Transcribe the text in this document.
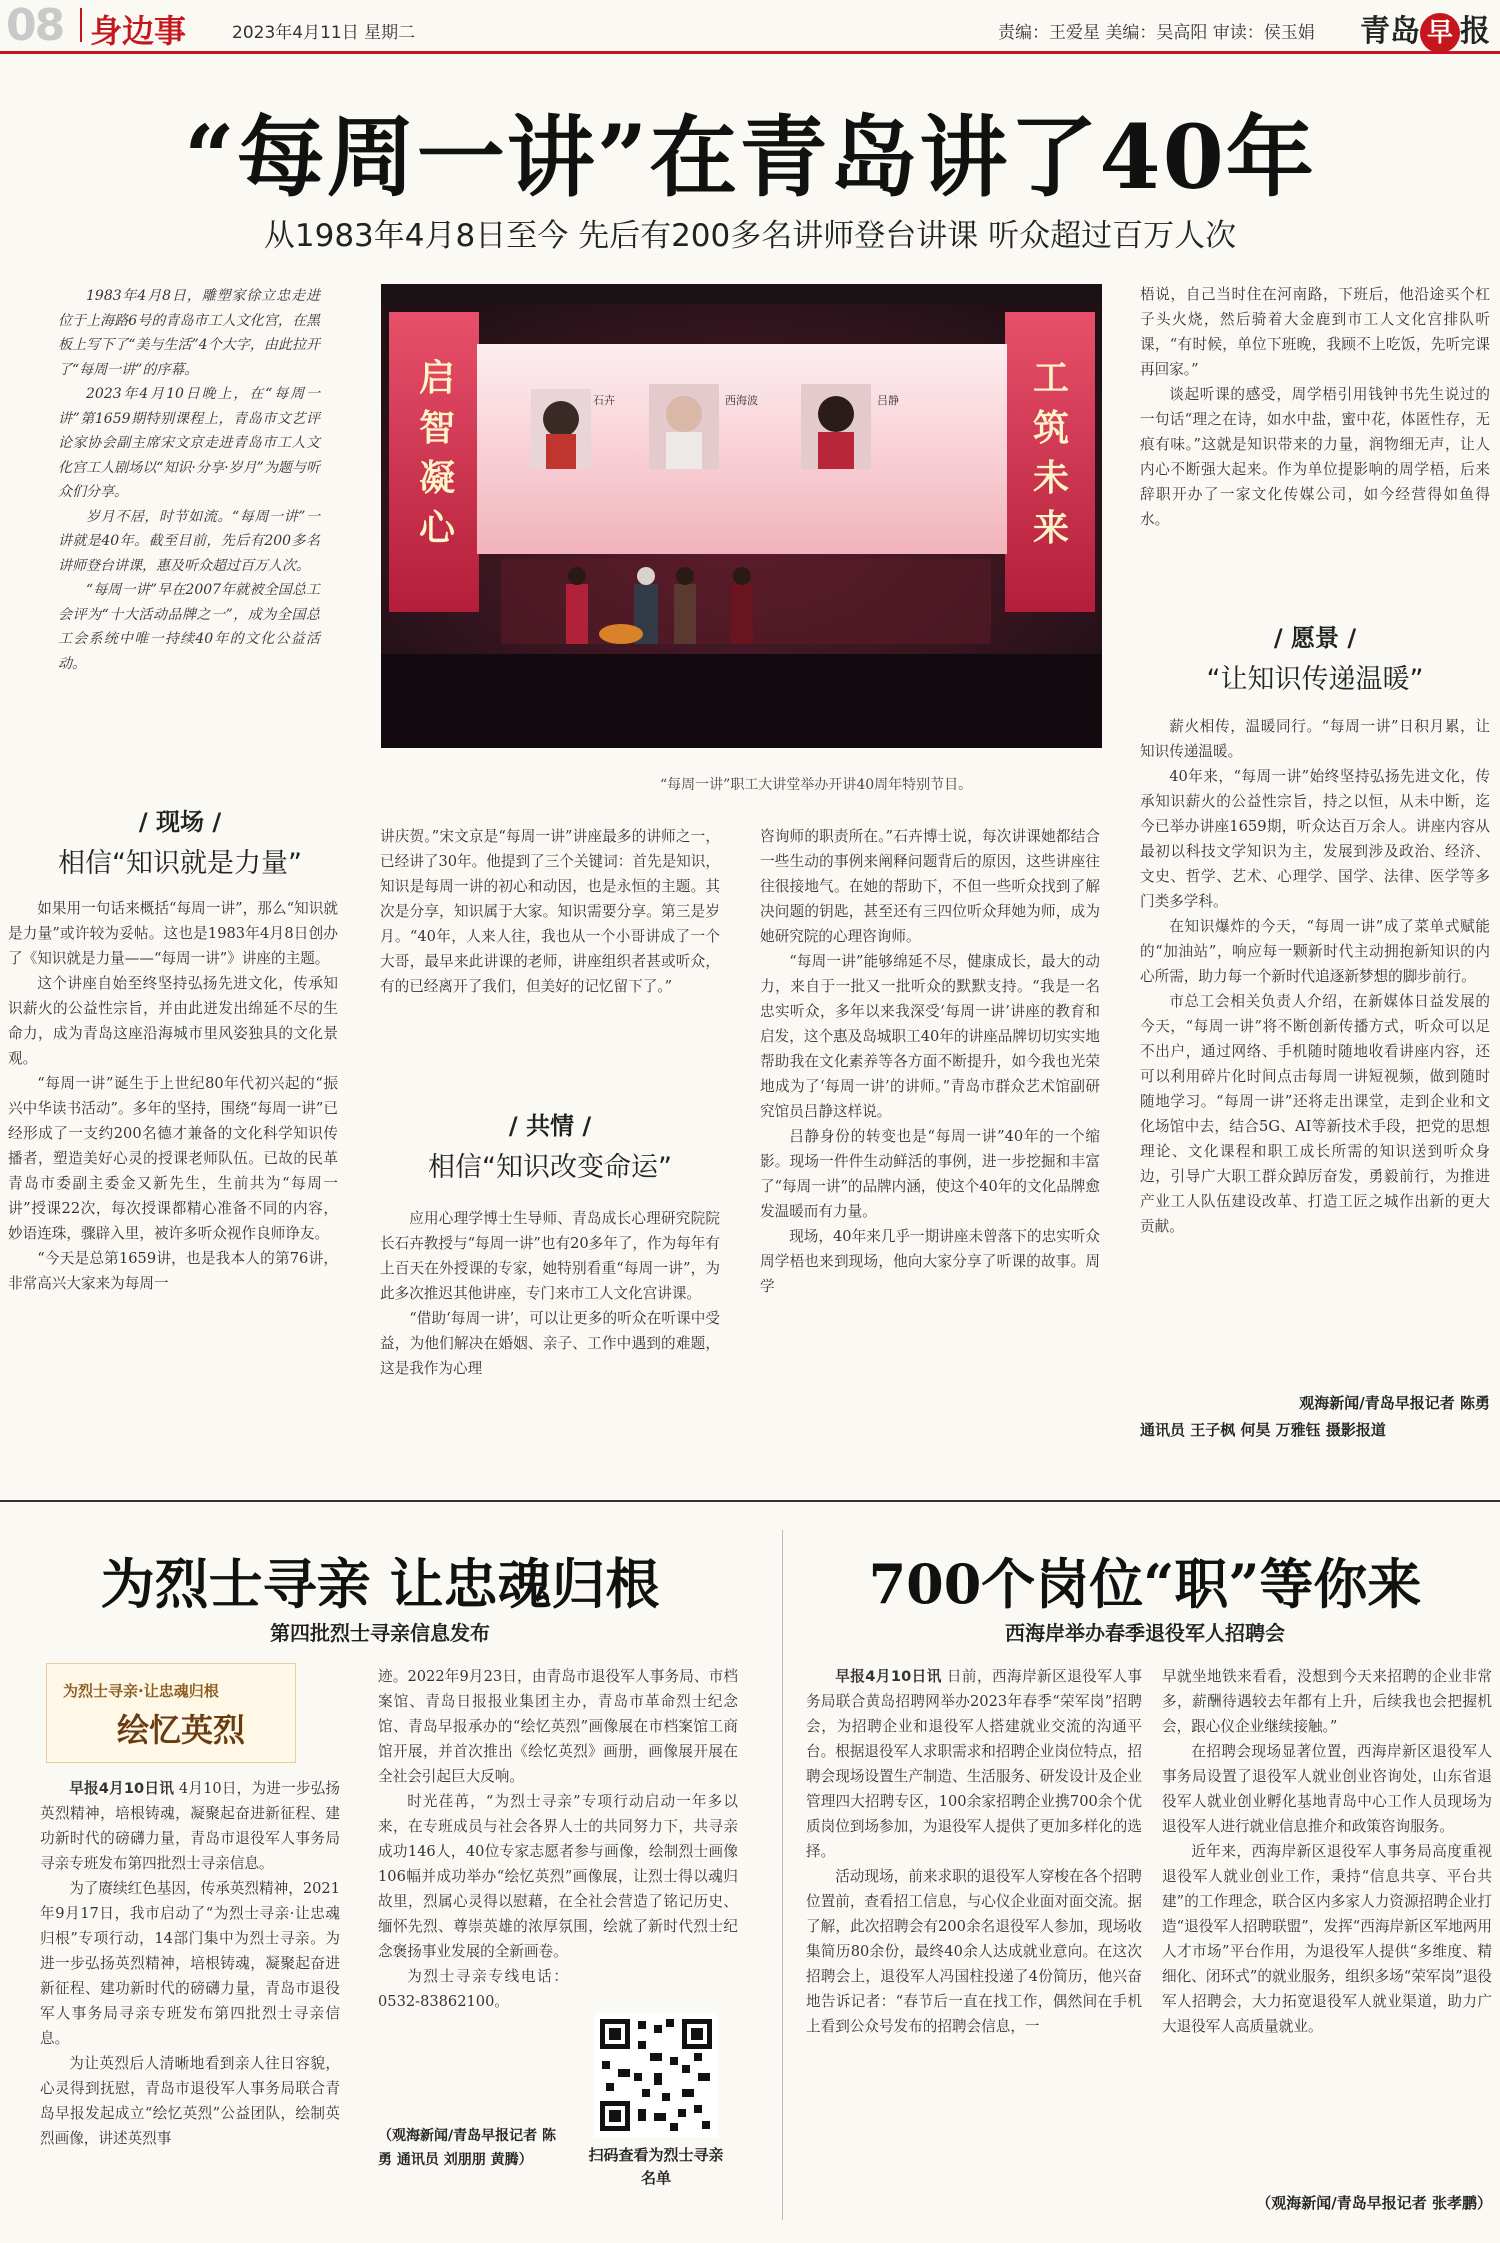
08 身边事	2023年4月11日 星期二	责编：王爱星 美编：吴高阳 审读：侯玉娟 青岛 早 报
“每周一讲”在青岛讲了40年
从1983年4月8日至今 先后有200多名讲师登台讲课 听众超过百万人次

1983年4月8日，雕塑家徐立忠走进位于上海路6号的青岛市工人文化宫，在黑板上写下了“美与生活”4个大字，由此拉开了“每周一讲”的序幕。

2023年4月10日晚上，在“每周一讲”第1659期特别课程上，青岛市文艺评论家协会副主席宋文京走进青岛市工人文化宫工人剧场以“知识·分享·岁月”为题与听众们分享。

岁月不居，时节如流。“每周一讲”一讲就是40年。截至目前，先后有200多名讲师登台讲课，惠及听众超过百万人次。

“每周一讲”早在2007年就被全国总工会评为“十大活动品牌之一”，成为全国总工会系统中唯一持续40年的文化公益活动。

启智凝心
工筑未来
石卉	西海波	吕静
“每周一讲”职工大讲堂举办开讲40周年特别节目。
/ 现场 /
相信“知识就是力量”

如果用一句话来概括“每周一讲”，那么“知识就是力量”或许较为妥帖。这也是1983年4月8日创办了《知识就是力量——“每周一讲”》讲座的主题。

这个讲座自始至终坚持弘扬先进文化，传承知识薪火的公益性宗旨，并由此迸发出绵延不尽的生命力，成为青岛这座沿海城市里风姿独具的文化景观。

“每周一讲”诞生于上世纪80年代初兴起的“振兴中华读书活动”。多年的坚持，围绕“每周一讲”已经形成了一支约200名德才兼备的文化科学知识传播者，塑造美好心灵的授课老师队伍。已故的民革青岛市委副主委金又新先生，生前共为“每周一讲”授课22次，每次授课都精心准备不同的内容，妙语连珠，骤辟入里，被许多听众视作良师诤友。

“今天是总第1659讲，也是我本人的第76讲，非常高兴大家来为每周一

讲庆贺。”宋文京是“每周一讲”讲座最多的讲师之一，已经讲了30年。他提到了三个关键词：首先是知识，知识是每周一讲的初心和动因，也是永恒的主题。其次是分享，知识属于大家。知识需要分享。第三是岁月。“40年，人来人往，我也从一个小哥讲成了一个大哥，最早来此讲课的老师，讲座组织者甚或听众，有的已经离开了我们，但美好的记忆留下了。”

/ 共情 /
相信“知识改变命运”

应用心理学博士生导师、青岛成长心理研究院院长石卉教授与“每周一讲”也有20多年了，作为每年有上百天在外授课的专家，她特别看重“每周一讲”，为此多次推迟其他讲座，专门来市工人文化宫讲课。

“借助‘每周一讲’，可以让更多的听众在听课中受益，为他们解决在婚姻、亲子、工作中遇到的难题，这是我作为心理

咨询师的职责所在。”石卉博士说，每次讲课她都结合一些生动的事例来阐释问题背后的原因，这些讲座往往很接地气。在她的帮助下，不但一些听众找到了解决问题的钥匙，甚至还有三四位听众拜她为师，成为她研究院的心理咨询师。

“每周一讲”能够绵延不尽，健康成长，最大的动力，来自于一批又一批听众的默默支持。“我是一名忠实听众，多年以来我深受‘每周一讲’讲座的教育和启发，这个惠及岛城职工40年的讲座品牌切切实实地帮助我在文化素养等各方面不断提升，如今我也光荣地成为了‘每周一讲’的讲师。”青岛市群众艺术馆副研究馆员吕静这样说。

吕静身份的转变也是“每周一讲”40年的一个缩影。现场一件件生动鲜活的事例，进一步挖掘和丰富了“每周一讲”的品牌内涵，使这个40年的文化品牌愈发温暖而有力量。

现场，40年来几乎一期讲座未曾落下的忠实听众周学梧也来到现场，他向大家分享了听课的故事。周学

梧说，自己当时住在河南路，下班后，他沿途买个杠子头火烧，然后骑着大金鹿到市工人文化宫排队听课，“有时候，单位下班晚，我顾不上吃饭，先听完课再回家。”

谈起听课的感受，周学梧引用钱钟书先生说过的一句话“理之在诗，如水中盐，蜜中花，体匿性存，无痕有味。”这就是知识带来的力量，润物细无声，让人内心不断强大起来。作为单位提影响的周学梧，后来辞职开办了一家文化传媒公司，如今经营得如鱼得水。

/ 愿景 /
“让知识传递温暖”

薪火相传，温暖同行。“每周一讲”日积月累，让知识传递温暖。

40年来，“每周一讲”始终坚持弘扬先进文化，传承知识薪火的公益性宗旨，持之以恒，从未中断，迄今已举办讲座1659期，听众达百万余人。讲座内容从最初以科技文学知识为主，发展到涉及政治、经济、文史、哲学、艺术、心理学、国学、法律、医学等多门类多学科。

在知识爆炸的今天，“每周一讲”成了菜单式赋能的“加油站”，响应每一颗新时代主动拥抱新知识的内心所需，助力每一个新时代追逐新梦想的脚步前行。

市总工会相关负责人介绍，在新媒体日益发展的今天，“每周一讲”将不断创新传播方式，听众可以足不出户，通过网络、手机随时随地收看讲座内容，还可以利用碎片化时间点击每周一讲短视频，做到随时随地学习。“每周一讲”还将走出课堂，走到企业和文化场馆中去，结合5G、AI等新技术手段，把党的思想理论、文化课程和职工成长所需的知识送到听众身边，引导广大职工群众踔厉奋发，勇毅前行，为推进产业工人队伍建设改革、打造工匠之城作出新的更大贡献。

观海新闻/青岛早报记者 陈勇
通讯员 王子枫 何昊 万雅钰 摄影报道
为烈士寻亲 让忠魂归根
第四批烈士寻亲信息发布
为烈士寻亲·让忠魂归根
绘忆英烈

早报4月10日讯 4月10日，为进一步弘扬英烈精神，培根铸魂，凝聚起奋进新征程、建功新时代的磅礴力量，青岛市退役军人事务局寻亲专班发布第四批烈士寻亲信息。

为了赓续红色基因，传承英烈精神，2021年9月17日，我市启动了“为烈士寻亲·让忠魂归根”专项行动，14部门集中为烈士寻亲。为进一步弘扬英烈精神，培根铸魂，凝聚起奋进新征程、建功新时代的磅礴力量，青岛市退役军人事务局寻亲专班发布第四批烈士寻亲信息。

为让英烈后人清晰地看到亲人往日容貌，心灵得到抚慰，青岛市退役军人事务局联合青岛早报发起成立“绘忆英烈”公益团队，绘制英烈画像，讲述英烈事

迹。2022年9月23日，由青岛市退役军人事务局、市档案馆、青岛日报报业集团主办，青岛市革命烈士纪念馆、青岛早报承办的“绘忆英烈”画像展在市档案馆工商馆开展，并首次推出《绘忆英烈》画册，画像展开展在全社会引起巨大反响。

时光荏苒，“为烈士寻亲”专项行动启动一年多以来，在专班成员与社会各界人士的共同努力下，共寻亲成功146人，40位专家志愿者参与画像，绘制烈士画像106幅并成功举办“绘忆英烈”画像展，让烈士得以魂归故里，烈属心灵得以慰藉，在全社会营造了铭记历史、缅怀先烈、尊崇英雄的浓厚氛围，绘就了新时代烈士纪念褒扬事业发展的全新画卷。

为烈士寻亲专线电话：0532-83862100。

（观海新闻/青岛早报记者 陈勇 通讯员 刘朋朋 黄腾）	扫码查看为烈士寻亲名单
700个岗位“职”等你来
西海岸举办春季退役军人招聘会

早报4月10日讯 日前，西海岸新区退役军人事务局联合黄岛招聘网举办2023年春季“荣军岗”招聘会，为招聘企业和退役军人搭建就业交流的沟通平台。根据退役军人求职需求和招聘企业岗位特点，招聘会现场设置生产制造、生活服务、研发设计及企业管理四大招聘专区，100余家招聘企业携700余个优质岗位到场参加，为退役军人提供了更加多样化的选择。

活动现场，前来求职的退役军人穿梭在各个招聘位置前，查看招工信息，与心仪企业面对面交流。据了解，此次招聘会有200余名退役军人参加，现场收集简历80余份，最终40余人达成就业意向。在这次招聘会上，退役军人冯国柱投递了4份简历，他兴奋地告诉记者：“春节后一直在找工作，偶然间在手机上看到公众号发布的招聘会信息，一

早就坐地铁来看看，没想到今天来招聘的企业非常多，薪酬待遇较去年都有上升，后续我也会把握机会，跟心仪企业继续接触。”

在招聘会现场显著位置，西海岸新区退役军人事务局设置了退役军人就业创业咨询处，山东省退役军人就业创业孵化基地青岛中心工作人员现场为退役军人进行就业信息推介和政策咨询服务。

近年来，西海岸新区退役军人事务局高度重视退役军人就业创业工作，秉持“信息共享、平台共建”的工作理念，联合区内多家人力资源招聘企业打造“退役军人招聘联盟”，发挥“西海岸新区军地两用人才市场”平台作用，为退役军人提供“多维度、精细化、闭环式”的就业服务，组织多场“荣军岗”退役军人招聘会，大力拓宽退役军人就业渠道，助力广大退役军人高质量就业。

（观海新闻/青岛早报记者 张孝鹏）
